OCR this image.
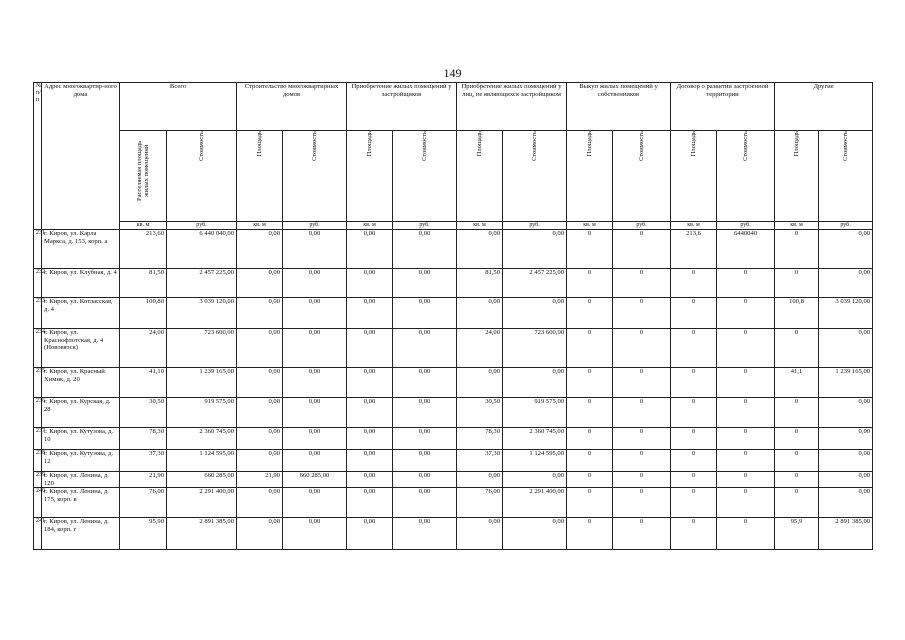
149
№ п/п	Адрес многоквартир-ного дома	Всего		Строительство многоквартирных домов		Приобретение жилых помещений у застройщиков		Приобретение жилых помещений у лиц, не являющихся застройщиком		Выкуп жилых помещений у собственников		Договор о развитии застроенной территории		Другие	

		Расселяемая площадь жилых помещений	Стоимость	Площадь	Стоимость	Площадь	Стоимость	Площадь	Стоимость	Площадь	Стоимость	Площадь	Стоимость	Площадь	Стоимость

		кв. м	руб.	кв. м	руб.	кв. м	руб.	кв. м	руб.	кв. м	руб.	кв. м	руб.	кв. м	руб.
231	г. Киров, ул. Карла Маркса, д. 153, корп. а	213,60	6 440 040,00	0,00	0,00	0,00	0,00	0,00	0,00	0	0	213,6	6440040	0	0,00
232	г. Киров, ул. Клубная, д. 4	81,50	2 457 225,00	0,00	0,00	0,00	0,00	81,50	2 457 225,00	0	0	0	0	0	0,00
233	г. Киров, ул. Котласская, д. 4	100,80	3 039 120,00	0,00	0,00	0,00	0,00	0,00	0,00	0	0	0	0	100,8	3 039 120,00
234	г. Киров, ул. Краснофлотская, д. 4 (Нововятск)	24,00	723 600,00	0,00	0,00	0,00	0,00	24,00	723 600,00	0	0	0	0	0	0,00
235	г. Киров, ул. Красный Химик, д. 20	41,10	1 239 165,00	0,00	0,00	0,00	0,00	0,00	0,00	0	0	0	0	41,1	1 239 165,00
236	г. Киров, ул. Курская, д. 28	30,50	919 575,00	0,00	0,00	0,00	0,00	30,50	919 575,00	0	0	0	0	0	0,00
237	г. Киров, ул. Кутузова, д. 10	78,30	2 360 745,00	0,00	0,00	0,00	0,00	78,30	2 360 745,00	0	0	0	0	0	0,00
238	г. Киров, ул. Кутузова, д. 12	37,30	1 124 595,00	0,00	0,00	0,00	0,00	37,30	1 124 595,00	0	0	0	0	0	0,00
239	г. Киров, ул. Ленина, д. 120	21,90	660 285,00	21,90	660 285,00	0,00	0,00	0,00	0,00	0	0	0	0	0	0,00
240	г. Киров, ул. Ленина, д. 175, корп. в	76,00	2 291 400,00	0,00	0,00	0,00	0,00	76,00	2 291 400,00	0	0	0	0	0	0,00
241	г. Киров, ул. Ленина, д. 184, корп. г	95,90	2 891 385,00	0,00	0,00	0,00	0,00	0,00	0,00	0	0	0	0	95,9	2 891 385,00
